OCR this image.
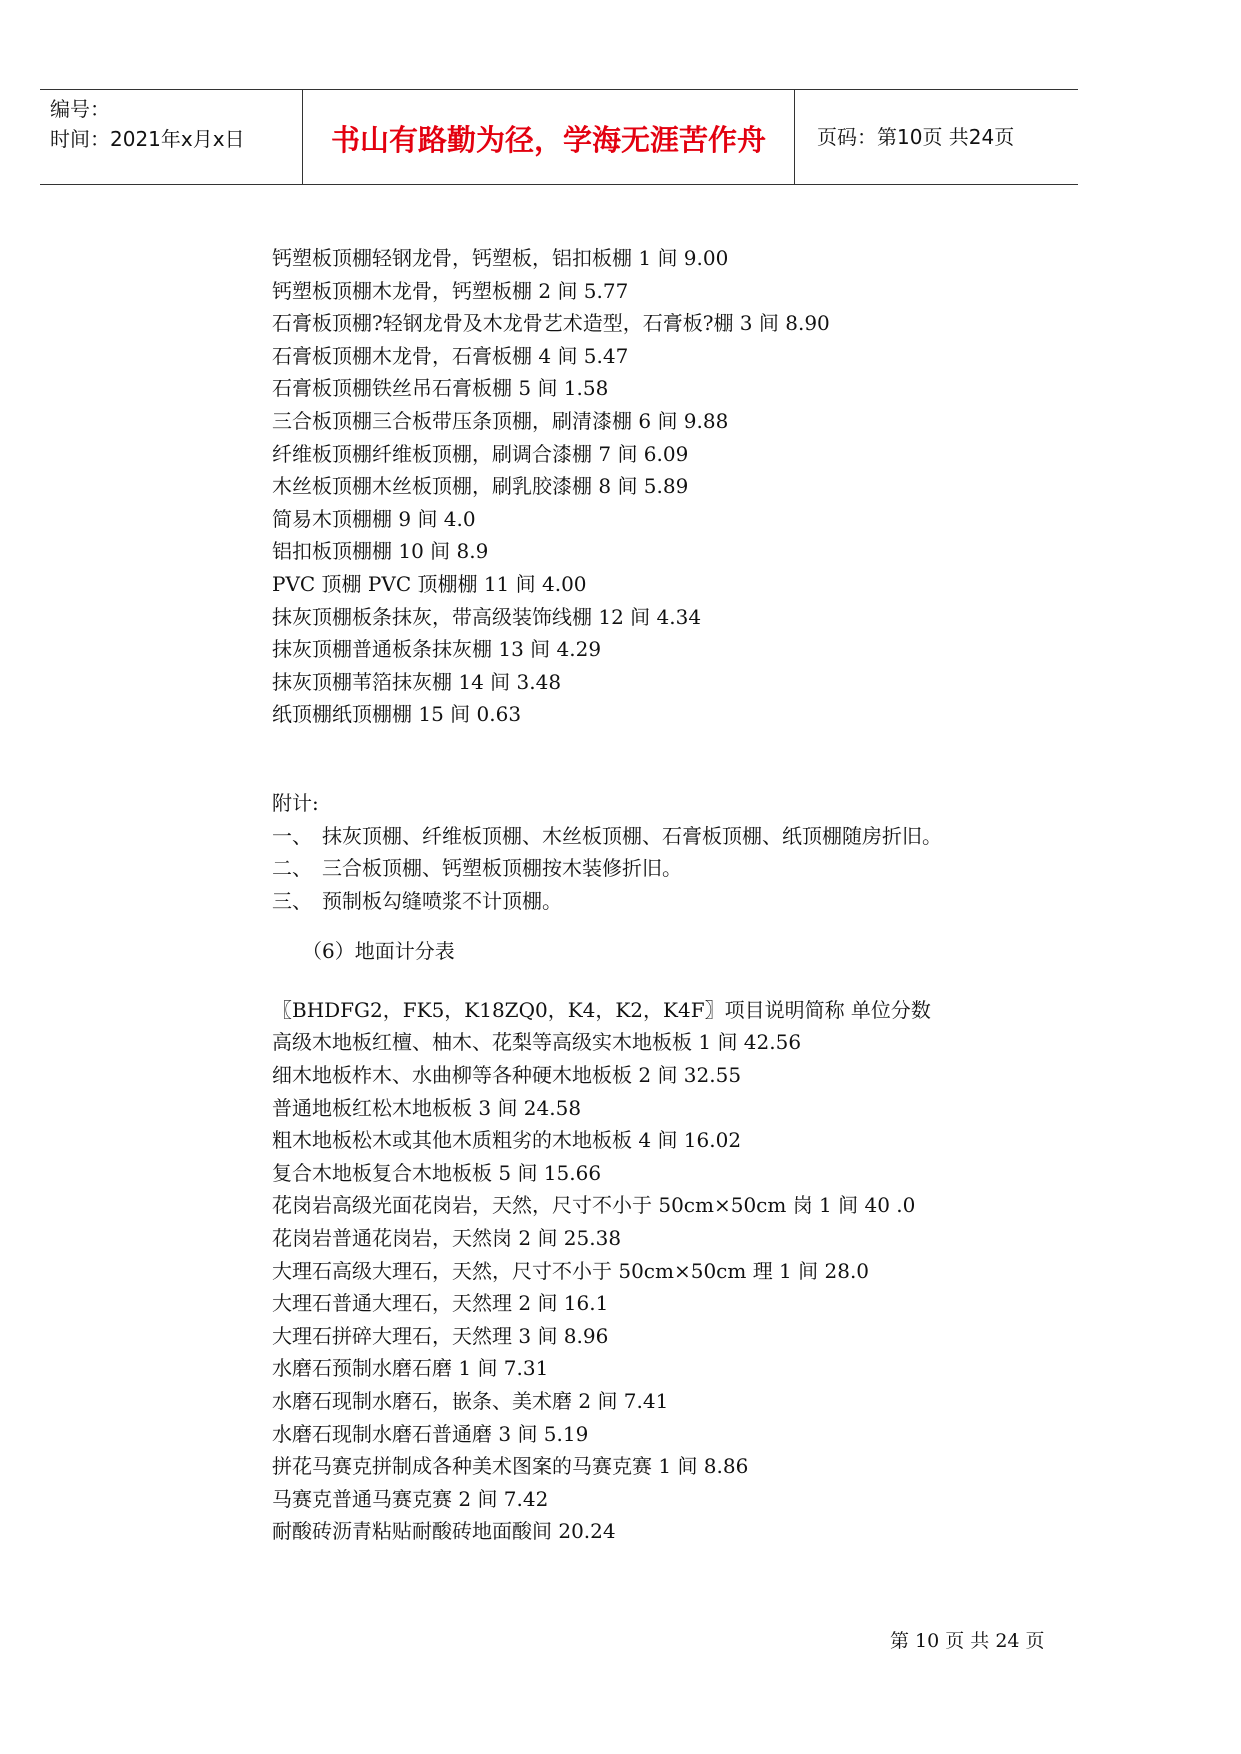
编号：
时间：2021年x月x日	书山有路勤为径，学海无涯苦作舟	页码：第10页 共24页
钙塑板顶棚轻钢龙骨，钙塑板，铝扣板棚 1 间 9.00
钙塑板顶棚木龙骨，钙塑板棚 2 间 5.77
石膏板顶棚?轻钢龙骨及木龙骨艺术造型，石膏板?棚 3 间 8.90
石膏板顶棚木龙骨，石膏板棚 4 间 5.47
石膏板顶棚铁丝吊石膏板棚 5 间 1.58
三合板顶棚三合板带压条顶棚，刷清漆棚 6 间 9.88
纤维板顶棚纤维板顶棚，刷调合漆棚 7 间 6.09
木丝板顶棚木丝板顶棚，刷乳胶漆棚 8 间 5.89
简易木顶棚棚 9 间 4.0
铝扣板顶棚棚 10 间 8.9
PVC 顶棚 PVC 顶棚棚 11 间 4.00
抹灰顶棚板条抹灰，带高级装饰线棚 12 间 4.34
抹灰顶棚普通板条抹灰棚 13 间 4.29
抹灰顶棚苇箔抹灰棚 14 间 3.48
纸顶棚纸顶棚棚 15 间 0.63
附计:
一、 抹灰顶棚、纤维板顶棚、木丝板顶棚、石膏板顶棚、纸顶棚随房折旧。
二、 三合板顶棚、钙塑板顶棚按木装修折旧。
三、 预制板勾缝喷浆不计顶棚。
（6）地面计分表
〖BHDFG2，FK5，K18ZQ0，K4，K2，K4F〗项目说明简称 单位分数
高级木地板红檀、柚木、花梨等高级实木地板板 1 间 42.56
细木地板柞木、水曲柳等各种硬木地板板 2 间 32.55
普通地板红松木地板板 3 间 24.58
粗木地板松木或其他木质粗劣的木地板板 4 间 16.02
复合木地板复合木地板板 5 间 15.66
花岗岩高级光面花岗岩，天然，尺寸不小于 50cm×50cm 岗 1 间 40 .0
花岗岩普通花岗岩，天然岗 2 间 25.38
大理石高级大理石，天然，尺寸不小于 50cm×50cm 理 1 间 28.0
大理石普通大理石，天然理 2 间 16.1
大理石拼碎大理石，天然理 3 间 8.96
水磨石预制水磨石磨 1 间 7.31
水磨石现制水磨石，嵌条、美术磨 2 间 7.41
水磨石现制水磨石普通磨 3 间 5.19
拼花马赛克拼制成各种美术图案的马赛克赛 1 间 8.86
马赛克普通马赛克赛 2 间 7.42
耐酸砖沥青粘贴耐酸砖地面酸间 20.24
第 10 页 共 24 页
